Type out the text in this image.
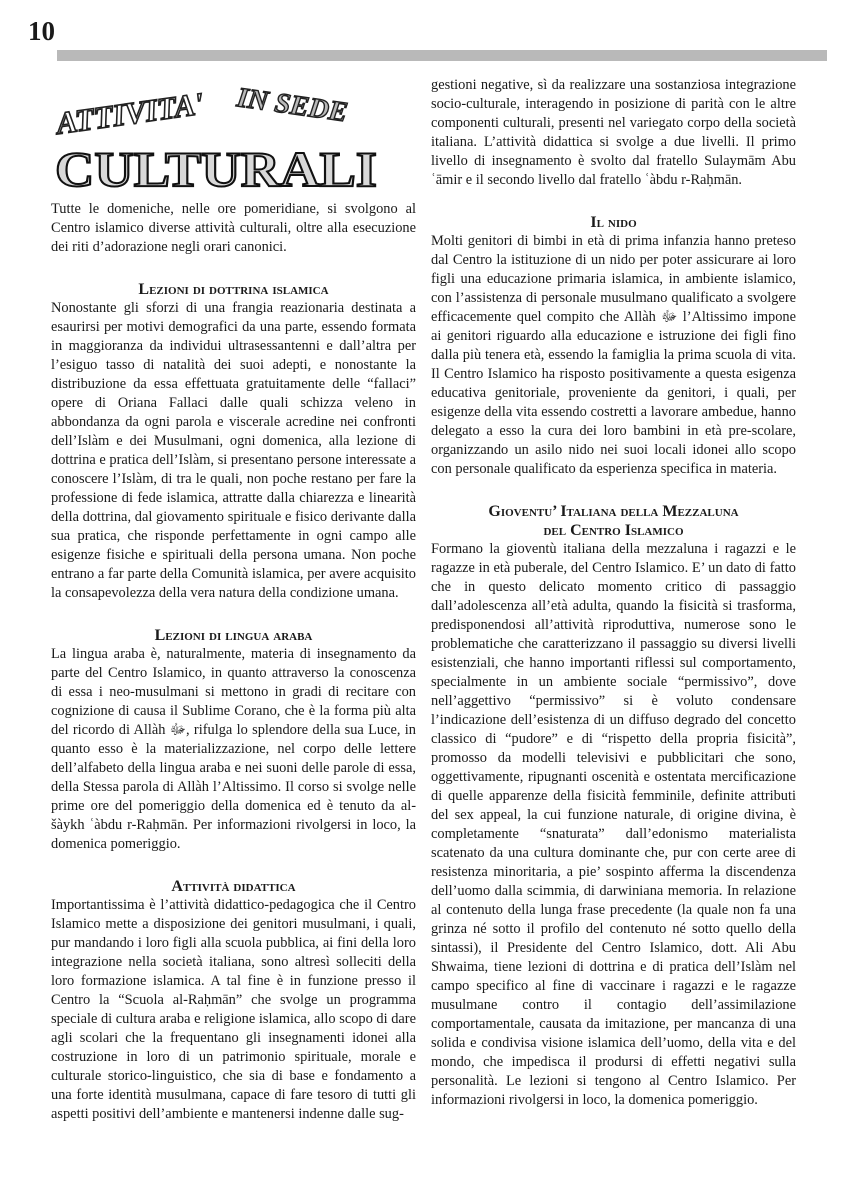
10
ATTIVITA' IN SEDE
CULTURALI

Tutte le domeniche, nelle ore pomeridiane, si svolgono al Centro islamico diverse attività culturali, oltre alla esecuzione dei riti d’adorazione negli orari canonici.

Lezioni di dottrina islamica

Nonostante gli sforzi di una frangia reazionaria destinata a esaurirsi per motivi demografici da una parte, essendo formata in maggioranza da individui ultrasessantenni e dall’altra per l’esiguo tasso di natalità dei suoi adepti, e nonostante la distribuzione da essa effettuata gratuitamente delle “fallaci” opere di Oriana Fallaci dalle quali schizza veleno in abbondanza da ogni parola e viscerale acredine nei confronti dell’Islàm e dei Musulmani, ogni domenica, alla lezione di dottrina e pratica dell’Islàm, si presentano persone interessate a conoscere l’Islàm, di tra le quali, non poche restano per fare la professione di fede islamica, attratte dalla chiarezza e linearità della dottrina, dal giovamento spirituale e fisico derivante dalla sua pratica, che risponde perfettamente in ogni campo alle esigenze fisiche e spirituali della persona umana. Non poche entrano a far parte della Comunità islamica, per avere acquisito la consapevolezza della vera natura della condizione umana.

Lezioni di lingua araba

La lingua araba è, naturalmente, materia di insegnamento da parte del Centro Islamico, in quanto attraverso la conoscenza di essa i neo-musulmani si mettono in gradi di recitare con cognizione di causa il Sublime Corano, che è la forma più alta del ricordo di Allàh ﷻ, rifulga lo splendore della sua Luce, in quanto esso è la materializzazione, nel corpo delle lettere dell’alfabeto della lingua araba e nei suoni delle parole di essa, della Stessa parola di Allàh l’Altissimo. Il corso si svolge nelle prime ore del pomeriggio della domenica ed è tenuto da al-šàykh ʿàbdu r-Raḥmān. Per informazioni rivolgersi in loco, la domenica pomeriggio.

Attività didattica

Importantissima è l’attività didattico-pedagogica che il Centro Islamico mette a disposizione dei genitori musulmani, i quali, pur mandando i loro figli alla scuola pubblica, ai fini della loro integrazione nella società italiana, sono altresì solleciti della loro formazione islamica. A tal fine è in funzione presso il Centro la “Scuola al-Raḥmān” che svolge un programma speciale di cultura araba e religione islamica, allo scopo di dare agli scolari che la frequentano gli insegnamenti idonei alla costruzione in loro di un patrimonio spirituale, morale e culturale storico-linguistico, che sia di base e fondamento a una forte identità musulmana, capace di fare tesoro di tutti gli aspetti positivi dell’ambiente e mantenersi indenne dalle sug-

gestioni negative, sì da realizzare una sostanziosa integrazione socio-culturale, interagendo in posizione di parità con le altre componenti culturali, presenti nel variegato corpo della società italiana. L’attività didattica si svolge a due livelli. Il primo livello di insegnamento è svolto dal fratello Sulaymām Abu ʿāmir e il secondo livello dal fratello ʿàbdu r-Raḥmān.

Il nido

Molti genitori di bimbi in età di prima infanzia hanno preteso dal Centro la istituzione di un nido per poter assicurare ai loro figli una educazione primaria islamica, in ambiente islamico, con l’assistenza di personale musulmano qualificato a svolgere efficacemente quel compito che Allàh ﷻ l’Altissimo impone ai genitori riguardo alla educazione e istruzione dei figli fino dalla più tenera età, essendo la famiglia la prima scuola di vita. Il Centro Islamico ha risposto positivamente a questa esigenza educativa genitoriale, proveniente da genitori, i quali, per esigenze della vita essendo costretti a lavorare ambedue, hanno delegato a esso la cura dei loro bambini in età pre-scolare, organizzando un asilo nido nei suoi locali idonei allo scopo con personale qualificato da esperienza specifica in materia.

Gioventu’ Italiana della Mezzaluna
del Centro Islamico

Formano la gioventù italiana della mezzaluna i ragazzi e le ragazze in età puberale, del Centro Islamico. E’ un dato di fatto che in questo delicato momento critico di passaggio dall’adolescenza all’età adulta, quando la fisicità si trasforma, predisponendosi all’attività riproduttiva, numerose sono le problematiche che caratterizzano il passaggio su diversi livelli esistenziali, che hanno importanti riflessi sul comportamento, specialmente in un ambiente sociale “permissivo”, dove nell’aggettivo “permissivo” si è voluto condensare l’indicazione dell’esistenza di un diffuso degrado del concetto classico di “pudore” e di “rispetto della propria fisicità”, promosso da modelli televisivi e pubblicitari che sono, oggettivamente, ripugnanti oscenità e ostentata mercificazione di quelle apparenze della fisicità femminile, definite attributi del sex appeal, la cui funzione naturale, di origine divina, è completamente “snaturata” dall’edonismo materialista scatenato da una cultura dominante che, pur con certe aree di resistenza minoritaria, a pie’ sospinto afferma la discendenza dell’uomo dalla scimmia, di darwiniana memoria. In relazione al contenuto della lunga frase precedente (la quale non fa una grinza né sotto il profilo del contenuto né sotto quello della sintassi), il Presidente del Centro Islamico, dott. Ali Abu Shwaima, tiene lezioni di dottrina e di pratica dell’Islàm nel campo specifico al fine di vaccinare i ragazzi e le ragazze musulmane contro il contagio dell’assimilazione comportamentale, causata da imitazione, per mancanza di una solida e condivisa visione islamica dell’uomo, della vita e del mondo, che impedisca il prodursi di effetti negativi sulla personalità. Le lezioni si tengono al Centro Islamico. Per informazioni rivolgersi in loco, la domenica pomeriggio.
